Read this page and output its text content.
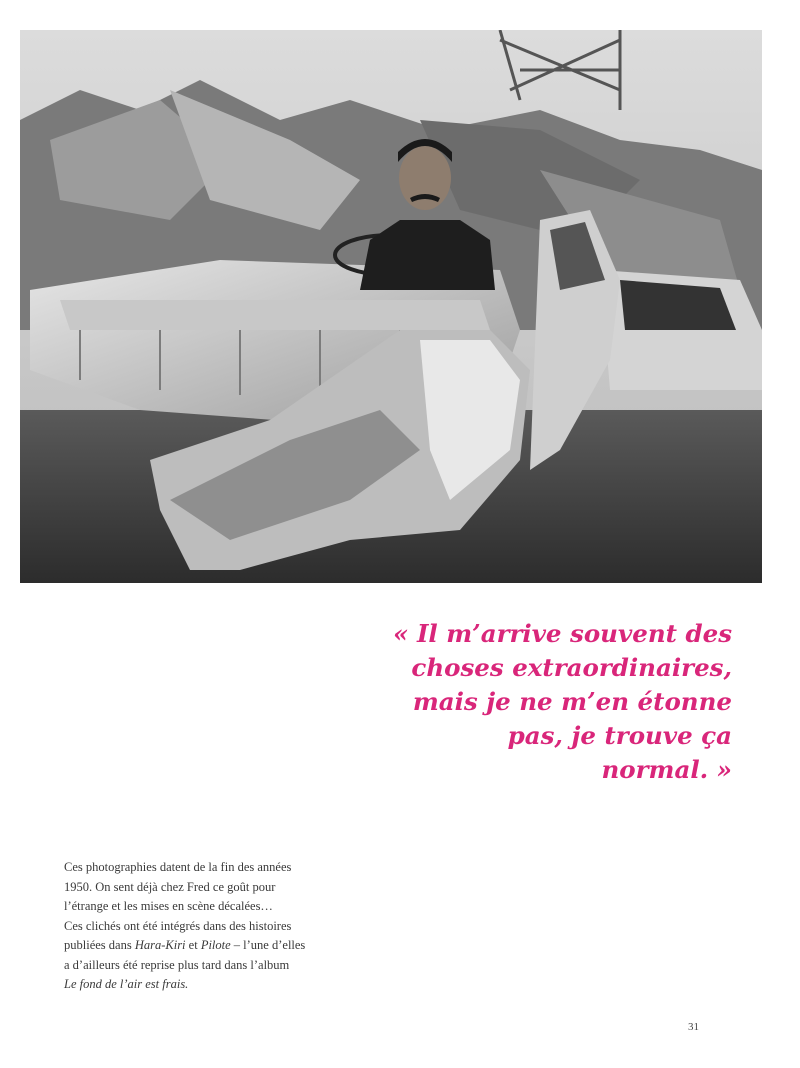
« Il m’arrive souvent des
choses extraordinaires,
mais je ne m’en étonne
pas, je trouve ça
normal. »
Ces photographies datent de la fin des années
1950. On sent déjà chez Fred ce goût pour
l’étrange et les mises en scène décalées…
Ces clichés ont été intégrés dans des histoires
publiées dans Hara-Kiri et Pilote – l’une d’elles
a d’ailleurs été reprise plus tard dans l’album
Le fond de l’air est frais.
31
